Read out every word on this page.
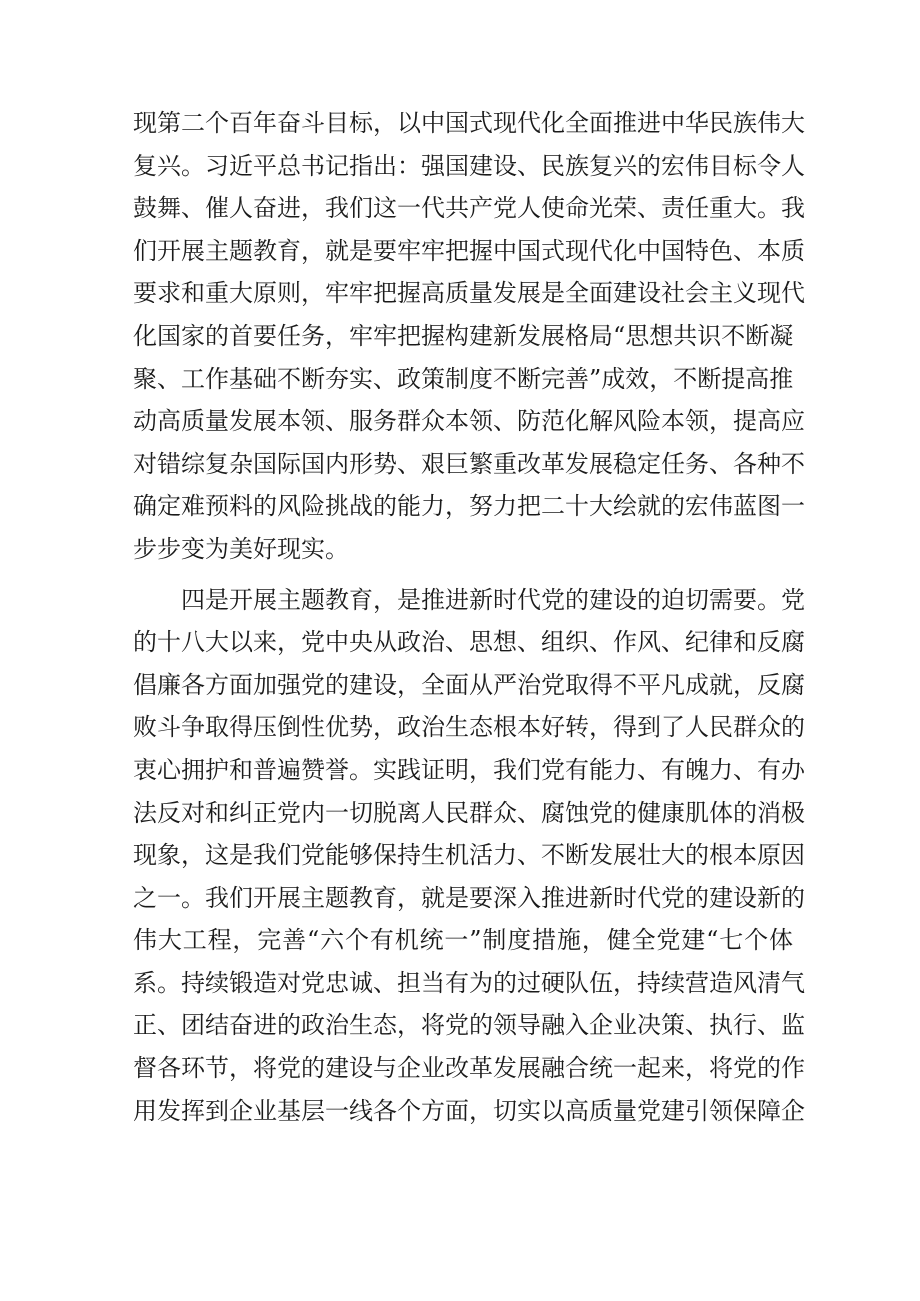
现第二个百年奋斗目标，以中国式现代化全面推进中华民族伟大
复兴。习近平总书记指出：强国建设、民族复兴的宏伟目标令人
鼓舞、催人奋进，我们这一代共产党人使命光荣、责任重大。我
们开展主题教育，就是要牢牢把握中国式现代化中国特色、本质
要求和重大原则，牢牢把握高质量发展是全面建设社会主义现代
化国家的首要任务，牢牢把握构建新发展格局“思想共识不断凝
聚、工作基础不断夯实、政策制度不断完善”成效，不断提高推
动高质量发展本领、服务群众本领、防范化解风险本领，提高应
对错综复杂国际国内形势、艰巨繁重改革发展稳定任务、各种不
确定难预料的风险挑战的能力，努力把二十大绘就的宏伟蓝图一
步步变为美好现实。
　　四是开展主题教育，是推进新时代党的建设的迫切需要。党
的十八大以来，党中央从政治、思想、组织、作风、纪律和反腐
倡廉各方面加强党的建设，全面从严治党取得不平凡成就，反腐
败斗争取得压倒性优势，政治生态根本好转，得到了人民群众的
衷心拥护和普遍赞誉。实践证明，我们党有能力、有魄力、有办
法反对和纠正党内一切脱离人民群众、腐蚀党的健康肌体的消极
现象，这是我们党能够保持生机活力、不断发展壮大的根本原因
之一。我们开展主题教育，就是要深入推进新时代党的建设新的
伟大工程，完善“六个有机统一”制度措施，健全党建“七个体
系。持续锻造对党忠诚、担当有为的过硬队伍，持续营造风清气
正、团结奋进的政治生态，将党的领导融入企业决策、执行、监
督各环节，将党的建设与企业改革发展融合统一起来，将党的作
用发挥到企业基层一线各个方面，切实以高质量党建引领保障企
